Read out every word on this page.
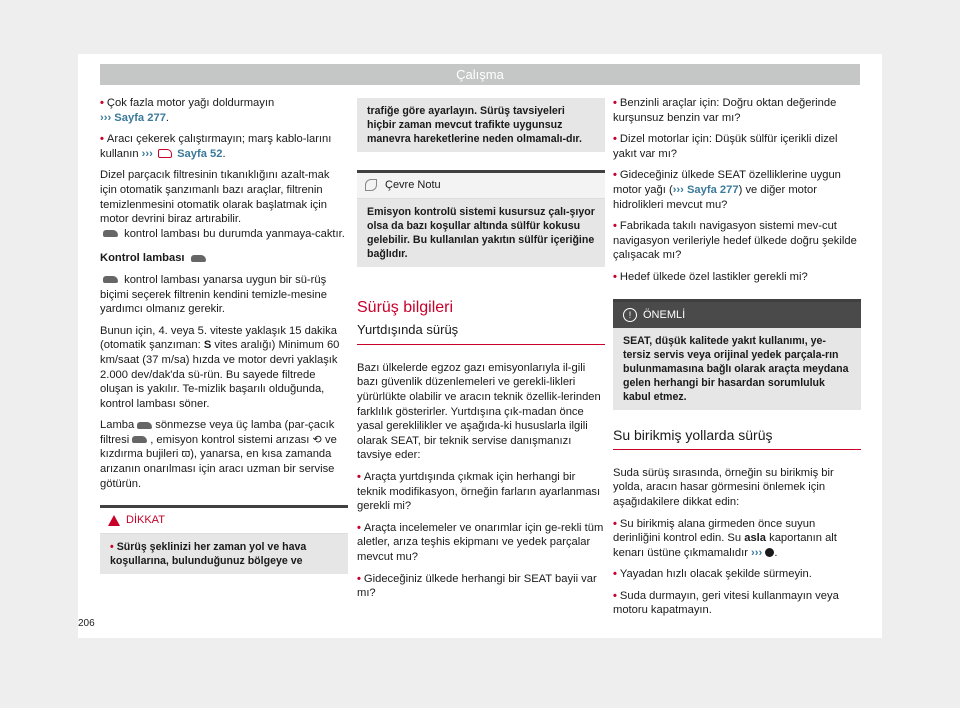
Çalışma

• Çok fazla motor yağı doldurmayın
››› Sayfa 277.

• Aracı çekerek çalıştırmayın; marş kablo-larını kullanın ›››  Sayfa 52.

Dizel parçacık filtresinin tıkanıklığını azalt-mak için otomatik şanzımanlı bazı araçlar, filtrenin temizlenmesini otomatik olarak başlatmak için motor devrini biraz artırabilir.
kontrol lambası bu durumda yanmaya-caktır.

Kontrol lambası

kontrol lambası yanarsa uygun bir sü-rüş biçimi seçerek filtrenin kendini temizle-mesine yardımcı olmanız gerekir.

Bunun için, 4. veya 5. viteste yaklaşık 15 dakika (otomatik şanzıman: S vites aralığı) Minimum 60 km/saat (37 m/sa) hızda ve motor devri yaklaşık 2.000 dev/dak'da sü-rün. Bu sayede filtrede oluşan is yakılır. Te-mizlik başarılı olduğunda, kontrol lambası söner.

Lamba sönmezse veya üç lamba (par-çacık filtresi , emisyon kontrol sistemi arızası ⟲ ve kızdırma bujileri ϖ), yanarsa, en kısa zamanda arızanın onarılması için aracı uzman bir servise götürün.

DİKKAT
• Sürüş şeklinizi her zaman yol ve hava koşullarına, bulunduğunuz bölgeye ve
trafiğe göre ayarlayın. Sürüş tavsiyeleri hiçbir zaman mevcut trafikte uygunsuz manevra hareketlerine neden olmamalı-dır.
Çevre Notu
Emisyon kontrolü sistemi kusursuz çalı-şıyor olsa da bazı koşullar altında sülfür kokusu gelebilir. Bu kullanılan yakıtın sülfür içeriğine bağlıdır.
Sürüş bilgileri
Yurtdışında sürüş

Bazı ülkelerde egzoz gazı emisyonlarıyla il-gili bazı güvenlik düzenlemeleri ve gerekli-likleri yürürlükte olabilir ve aracın teknik özellik-lerinden farklılık gösterirler. Yurtdışına çık-madan önce yasal gereklilikler ve aşağıda-ki hususlarla ilgili olarak SEAT, bir teknik servise danışmanızı tavsiye eder:

• Araçta yurtdışında çıkmak için herhangi bir teknik modifikasyon, örneğin farların ayarlanması gerekli mi?

• Araçta incelemeler ve onarımlar için ge-rekli tüm aletler, arıza teşhis ekipmanı ve yedek parçalar mevcut mu?

• Gideceğiniz ülkede herhangi bir SEAT bayii var mı?

• Benzinli araçlar için: Doğru oktan değerinde kurşunsuz benzin var mı?

• Dizel motorlar için: Düşük sülfür içerikli dizel yakıt var mı?

• Gideceğiniz ülkede SEAT özelliklerine uygun motor yağı (››› Sayfa 277) ve diğer motor hidrolikleri mevcut mu?

• Fabrikada takılı navigasyon sistemi mev-cut navigasyon verileriyle hedef ülkede doğru şekilde çalışacak mı?

• Hedef ülkede özel lastikler gerekli mi?

! ÖNEMLİ
SEAT, düşük kalitede yakıt kullanımı, ye-tersiz servis veya orijinal yedek parçala-rın bulunmamasına bağlı olarak araçta meydana gelen herhangi bir hasardan sorumluluk kabul etmez.
Su birikmiş yollarda sürüş

Suda sürüş sırasında, örneğin su birikmiş bir yolda, aracın hasar görmesini önlemek için aşağıdakilere dikkat edin:

• Su birikmiş alana girmeden önce suyun derinliğini kontrol edin. Su asla kaportanın alt kenarı üstüne çıkmamalıdır ››› .

• Yayadan hızlı olacak şekilde sürmeyin.

• Suda durmayın, geri vitesi kullanmayın veya motoru kapatmayın.

206
